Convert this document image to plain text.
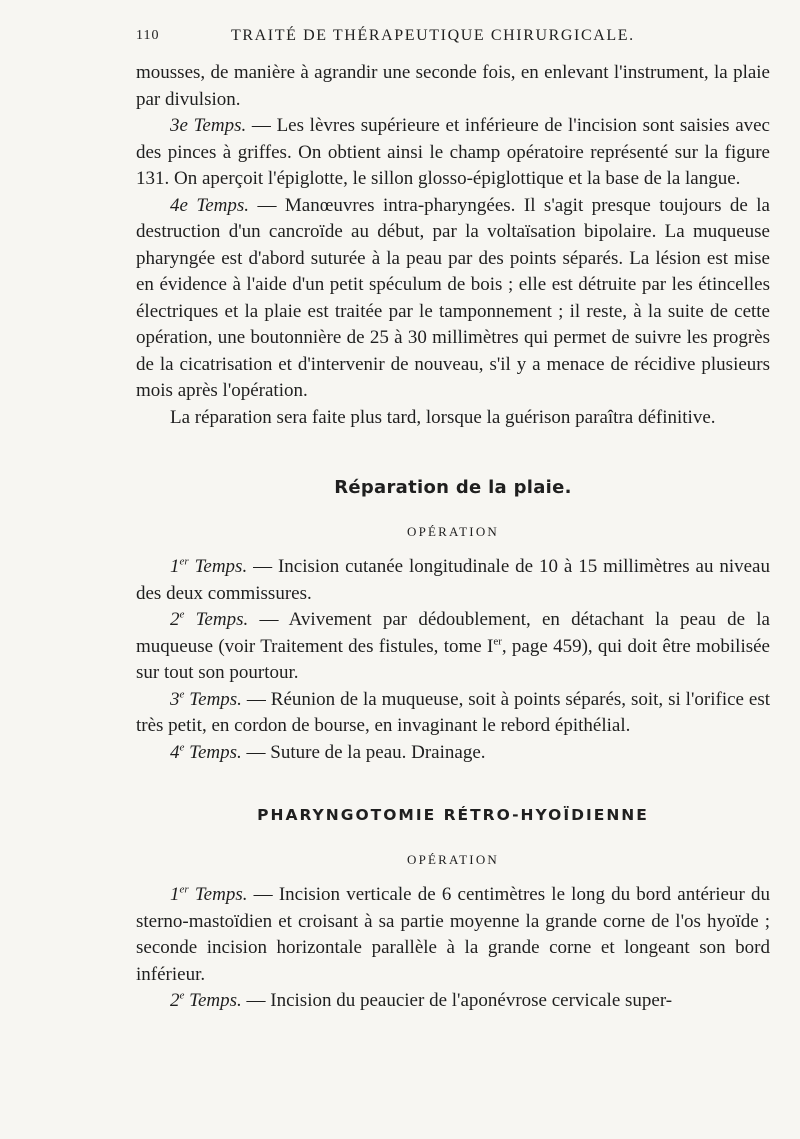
110	TRAITÉ DE THÉRAPEUTIQUE CHIRURGICALE.

mousses, de manière à agrandir une seconde fois, en enlevant l'instrument, la plaie par divulsion.

3e Temps. — Les lèvres supérieure et inférieure de l'incision sont saisies avec des pinces à griffes. On obtient ainsi le champ opératoire représenté sur la figure 131. On aperçoit l'épiglotte, le sillon glosso-épiglottique et la base de la langue.

4e Temps. — Manœuvres intra-pharyngées. Il s'agit presque toujours de la destruction d'un cancroïde au début, par la voltaïsation bipolaire. La muqueuse pharyngée est d'abord suturée à la peau par des points séparés. La lésion est mise en évidence à l'aide d'un petit spéculum de bois ; elle est détruite par les étincelles électriques et la plaie est traitée par le tamponnement ; il reste, à la suite de cette opération, une boutonnière de 25 à 30 millimètres qui permet de suivre les progrès de la cicatrisation et d'intervenir de nouveau, s'il y a menace de récidive plusieurs mois après l'opération.

La réparation sera faite plus tard, lorsque la guérison paraîtra définitive.

Réparation de la plaie.
OPÉRATION

1er Temps. — Incision cutanée longitudinale de 10 à 15 millimètres au niveau des deux commissures.

2e Temps. — Avivement par dédoublement, en détachant la peau de la muqueuse (voir Traitement des fistules, tome Ier, page 459), qui doit être mobilisée sur tout son pourtour.

3e Temps. — Réunion de la muqueuse, soit à points séparés, soit, si l'orifice est très petit, en cordon de bourse, en invaginant le rebord épithélial.

4e Temps. — Suture de la peau. Drainage.

PHARYNGOTOMIE RÉTRO-HYOÏDIENNE
OPÉRATION

1er Temps. — Incision verticale de 6 centimètres le long du bord antérieur du sterno-mastoïdien et croisant à sa partie moyenne la grande corne de l'os hyoïde ; seconde incision horizontale parallèle à la grande corne et longeant son bord inférieur.

2e Temps. — Incision du peaucier de l'aponévrose cervicale super-
